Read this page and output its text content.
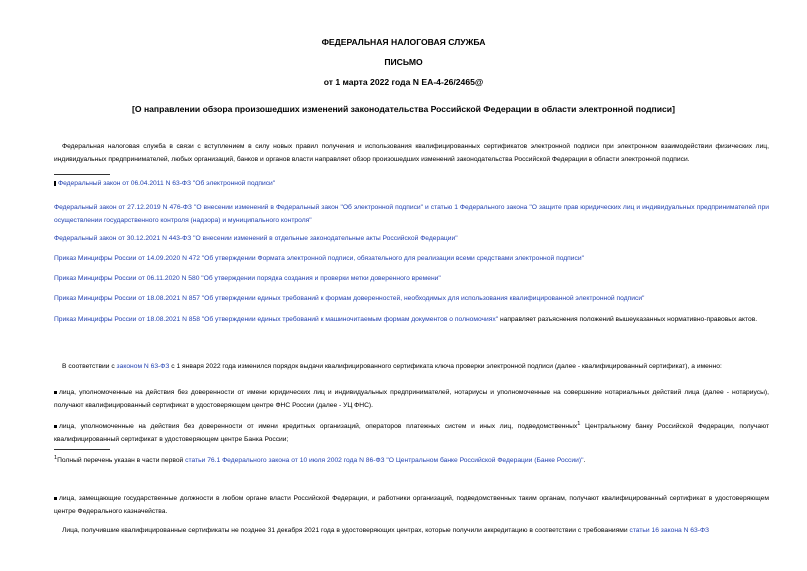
ФЕДЕРАЛЬНАЯ НАЛОГОВАЯ СЛУЖБА
ПИСЬМО
от 1 марта 2022 года N ЕА-4-26/2465@
[О направлении обзора произошедших изменений законодательства Российской Федерации в области электронной подписи]
Федеральная налоговая служба в связи с вступлением в силу новых правил получения и использования квалифицированных сертификатов электронной подписи при электронном взаимодействии физических лиц, индивидуальных предпринимателей, любых организаций, банков и органов власти направляет обзор произошедших изменений законодательства Российской Федерации в области электронной подписи.
Федеральный закон от 06.04.2011 N 63-ФЗ "Об электронной подписи"
Федеральный закон от 27.12.2019 N 476-ФЗ "О внесении изменений в Федеральный закон "Об электронной подписи" и статью 1 Федерального закона "О защите прав юридических лиц и индивидуальных предпринимателей при осуществлении государственного контроля (надзора) и муниципального контроля"
Федеральный закон от 30.12.2021 N 443-ФЗ "О внесении изменений в отдельные законодательные акты Российской Федерации"
Приказ Минцифры России от 14.09.2020 N 472 "Об утверждении Формата электронной подписи, обязательного для реализации всеми средствами электронной подписи"
Приказ Минцифры России от 06.11.2020 N 580 "Об утверждении порядка создания и проверки метки доверенного времени"
Приказ Минцифры России от 18.08.2021 N 857 "Об утверждении единых требований к формам доверенностей, необходимых для использования квалифицированной электронной подписи"
Приказ Минцифры России от 18.08.2021 N 858 "Об утверждении единых требований к машиночитаемым формам документов о полномочиях" направляет разъяснения положений вышеуказанных нормативно-правовых актов.
В соответствии с законом N 63-ФЗ с 1 января 2022 года изменился порядок выдачи квалифицированного сертификата ключа проверки электронной подписи (далее - квалифицированный сертификат), а именно:
лица, уполномоченные на действия без доверенности от имени юридических лиц и индивидуальных предпринимателей, нотариусы и уполномоченные на совершение нотариальных действий лица (далее - нотариусы), получают квалифицированный сертификат в удостоверяющем центре ФНС России (далее - УЦ ФНС).
лица, уполномоченные на действия без доверенности от имени кредитных организаций, операторов платежных систем и иных лиц, подведомственных$^1$ Центральному банку Российской Федерации, получают квалифицированный сертификат в удостоверяющем центре Банка России;
$^1$Полный перечень указан в части первой статьи 76.1 Федерального закона от 10 июля 2002 года N 86-ФЗ "О Центральном банке Российской Федерации (Банке России)".
лица, замещающие государственные должности в любом органе власти Российской Федерации, и работники организаций, подведомственных таким органам, получают квалифицированный сертификат в удостоверяющем центре Федерального казначейства.
Лица, получившие квалифицированные сертификаты не позднее 31 декабря 2021 года в удостоверяющих центрах, которые получили аккредитацию в соответствии с требованиями статьи 16 закона N 63-ФЗ
